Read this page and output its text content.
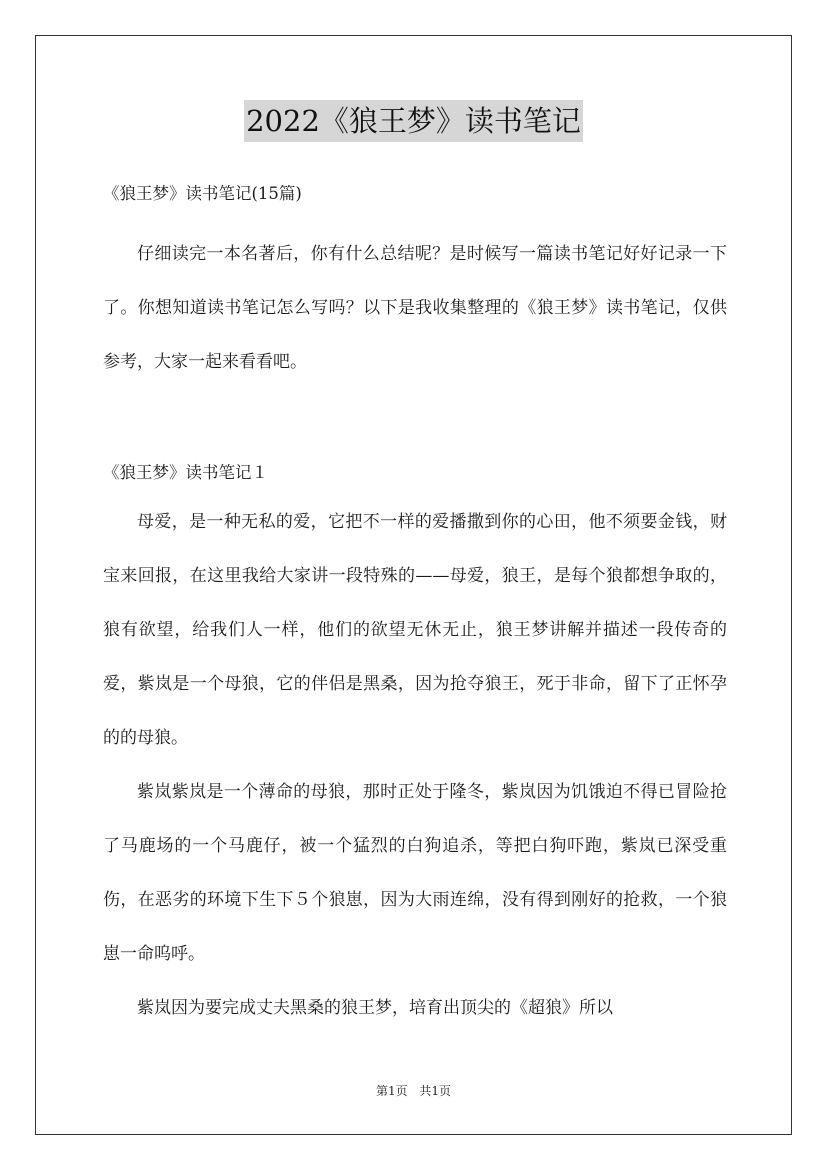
2022《狼王梦》读书笔记

《狼王梦》读书笔记(15篇)

仔细读完一本名著后，你有什么总结呢？是时候写一篇读书笔记好好记录一下了。你想知道读书笔记怎么写吗？以下是我收集整理的《狼王梦》读书笔记，仅供参考，大家一起来看看吧。

《狼王梦》读书笔记１

母爱，是一种无私的爱，它把不一样的爱播撒到你的心田，他不须要金钱，财宝来回报，在这里我给大家讲一段特殊的——母爱，狼王，是每个狼都想争取的，狼有欲望，给我们人一样，他们的欲望无休无止，狼王梦讲解并描述一段传奇的爱，紫岚是一个母狼，它的伴侣是黑桑，因为抢夺狼王，死于非命，留下了正怀孕的的母狼。

紫岚紫岚是一个薄命的母狼，那时正处于隆冬，紫岚因为饥饿迫不得已冒险抢了马鹿场的一个马鹿仔，被一个猛烈的白狗追杀，等把白狗吓跑，紫岚已深受重伤，在恶劣的环境下生下５个狼崽，因为大雨连绵，没有得到刚好的抢救，一个狼崽一命呜呼。

紫岚因为要完成丈夫黑桑的狼王梦，培育出顶尖的《超狼》所以

第1页 共1页
